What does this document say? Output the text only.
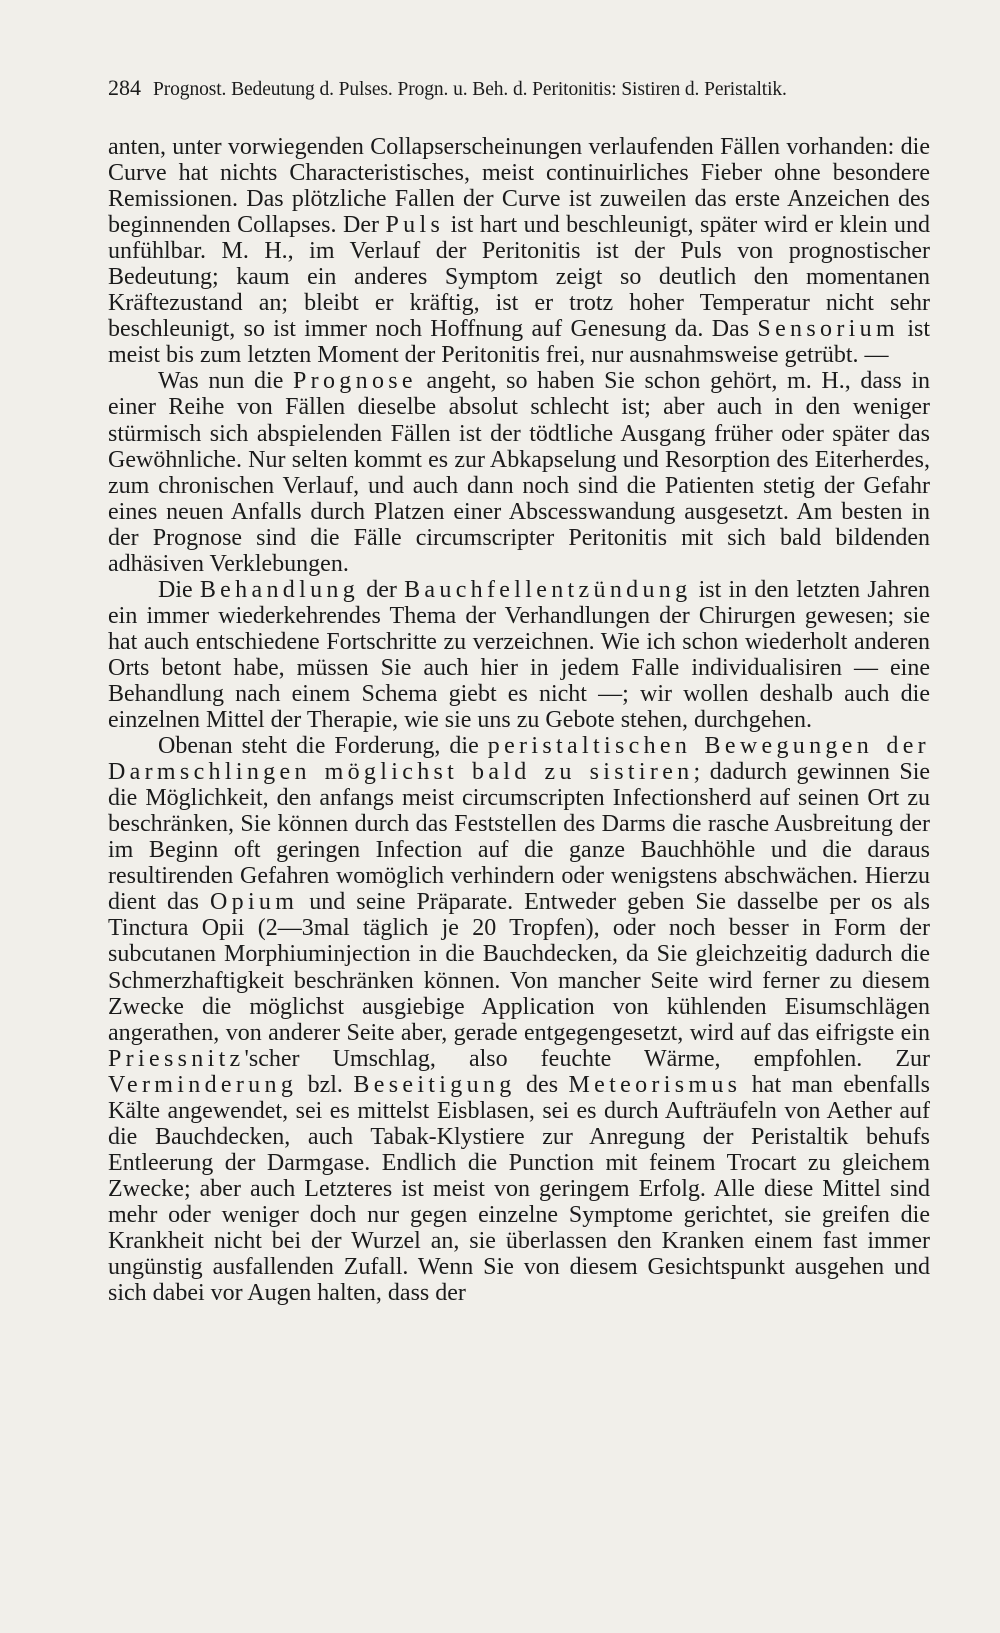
284 Prognost. Bedeutung d. Pulses. Progn. u. Beh. d. Peritonitis: Sistiren d. Peristaltik.

anten, unter vorwiegenden Collapserscheinungen verlaufenden Fällen vorhanden: die Curve hat nichts Characteristisches, meist continuirliches Fieber ohne besondere Remissionen. Das plötzliche Fallen der Curve ist zuweilen das erste Anzeichen des beginnenden Collapses. Der Puls ist hart und beschleunigt, später wird er klein und unfühlbar. M. H., im Verlauf der Peritonitis ist der Puls von prognostischer Bedeutung; kaum ein anderes Symptom zeigt so deutlich den momentanen Kräftezustand an; bleibt er kräftig, ist er trotz hoher Temperatur nicht sehr beschleunigt, so ist immer noch Hoffnung auf Genesung da. Das Sensorium ist meist bis zum letzten Moment der Peritonitis frei, nur ausnahmsweise getrübt. —

Was nun die Prognose angeht, so haben Sie schon gehört, m. H., dass in einer Reihe von Fällen dieselbe absolut schlecht ist; aber auch in den weniger stürmisch sich abspielenden Fällen ist der tödtliche Ausgang früher oder später das Gewöhnliche. Nur selten kommt es zur Abkapselung und Resorption des Eiterherdes, zum chronischen Verlauf, und auch dann noch sind die Patienten stetig der Gefahr eines neuen Anfalls durch Platzen einer Abscesswandung ausgesetzt. Am besten in der Prognose sind die Fälle circumscripter Peritonitis mit sich bald bildenden adhäsiven Verklebungen.

Die Behandlung der Bauchfellentzündung ist in den letzten Jahren ein immer wiederkehrendes Thema der Verhandlungen der Chirurgen gewesen; sie hat auch entschiedene Fortschritte zu verzeichnen. Wie ich schon wiederholt anderen Orts betont habe, müssen Sie auch hier in jedem Falle individualisiren — eine Behandlung nach einem Schema giebt es nicht —; wir wollen deshalb auch die einzelnen Mittel der Therapie, wie sie uns zu Gebote stehen, durchgehen.

Obenan steht die Forderung, die peristaltischen Bewegungen der Darmschlingen möglichst bald zu sistiren; dadurch gewinnen Sie die Möglichkeit, den anfangs meist circumscripten Infectionsherd auf seinen Ort zu beschränken, Sie können durch das Feststellen des Darms die rasche Ausbreitung der im Beginn oft geringen Infection auf die ganze Bauchhöhle und die daraus resultirenden Gefahren womöglich verhindern oder wenigstens abschwächen. Hierzu dient das Opium und seine Präparate. Entweder geben Sie dasselbe per os als Tinctura Opii (2—3mal täglich je 20 Tropfen), oder noch besser in Form der subcutanen Morphiuminjection in die Bauchdecken, da Sie gleichzeitig dadurch die Schmerzhaftigkeit beschränken können. Von mancher Seite wird ferner zu diesem Zwecke die möglichst ausgiebige Application von kühlenden Eisumschlägen angerathen, von anderer Seite aber, gerade entgegengesetzt, wird auf das eifrigste ein Priessnitz'scher Umschlag, also feuchte Wärme, empfohlen. Zur Verminderung bzl. Beseitigung des Meteorismus hat man ebenfalls Kälte angewendet, sei es mittelst Eisblasen, sei es durch Aufträufeln von Aether auf die Bauchdecken, auch Tabak-Klystiere zur Anregung der Peristaltik behufs Entleerung der Darmgase. Endlich die Punction mit feinem Trocart zu gleichem Zwecke; aber auch Letzteres ist meist von geringem Erfolg. Alle diese Mittel sind mehr oder weniger doch nur gegen einzelne Symptome gerichtet, sie greifen die Krankheit nicht bei der Wurzel an, sie überlassen den Kranken einem fast immer ungünstig ausfallenden Zufall. Wenn Sie von diesem Gesichtspunkt ausgehen und sich dabei vor Augen halten, dass der
